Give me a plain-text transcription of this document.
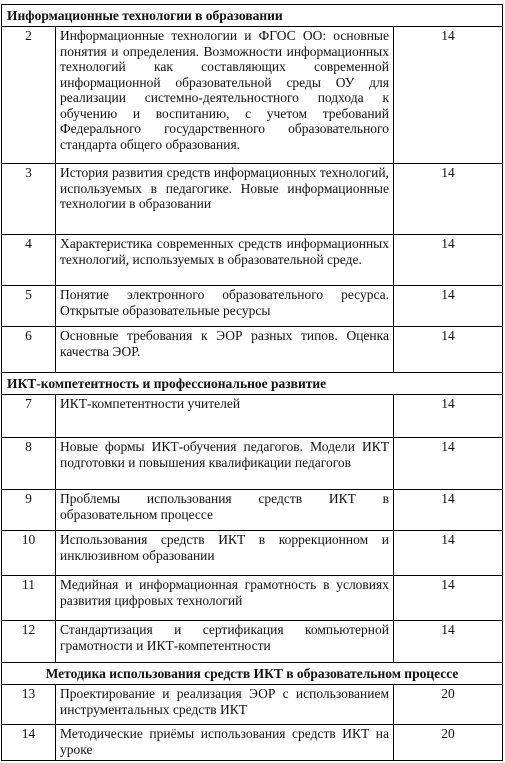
Информационные технологии в образовании		
2	Информационные технологии и ФГОС ОО: основные понятия и определения. Возможности информационных технологий как составляющих современной информационной образовательной среды ОУ для реализации системно-деятельностного подхода к обучению и воспитанию, с учетом требований Федерального государственного образовательного стандарта общего образования.	14
3	История развития средств информационных технологий, используемых в педагогике. Новые информационные технологии в образовании	14
4	Характеристика современных средств информационных технологий, используемых в образовательной среде.	14
5	Понятие электронного образовательного ресурса. Открытые образовательные ресурсы	14
6	Основные требования к ЭОР разных типов. Оценка качества ЭОР.	14
ИКТ-компетентность и профессиональное развитие		
7	ИКТ-компетентности учителей	14
8	Новые формы ИКТ-обучения педагогов. Модели ИКТ подготовки и повышения квалификации педагогов	14
9	Проблемы использования средств ИКТ в образовательном процессе	14
10	Использования средств ИКТ в коррекционном и инклюзивном образовании	14
11	Медийная и информационная грамотность в условиях развития цифровых технологий	14
12	Стандартизация и сертификация компьютерной грамотности и ИКТ-компетентности	14
Методика использования средств ИКТ в образовательном процессе		
13	Проектирование и реализация ЭОР с использованием инструментальных средств ИКТ	20
14	Методические приёмы использования средств ИКТ на уроке	20
